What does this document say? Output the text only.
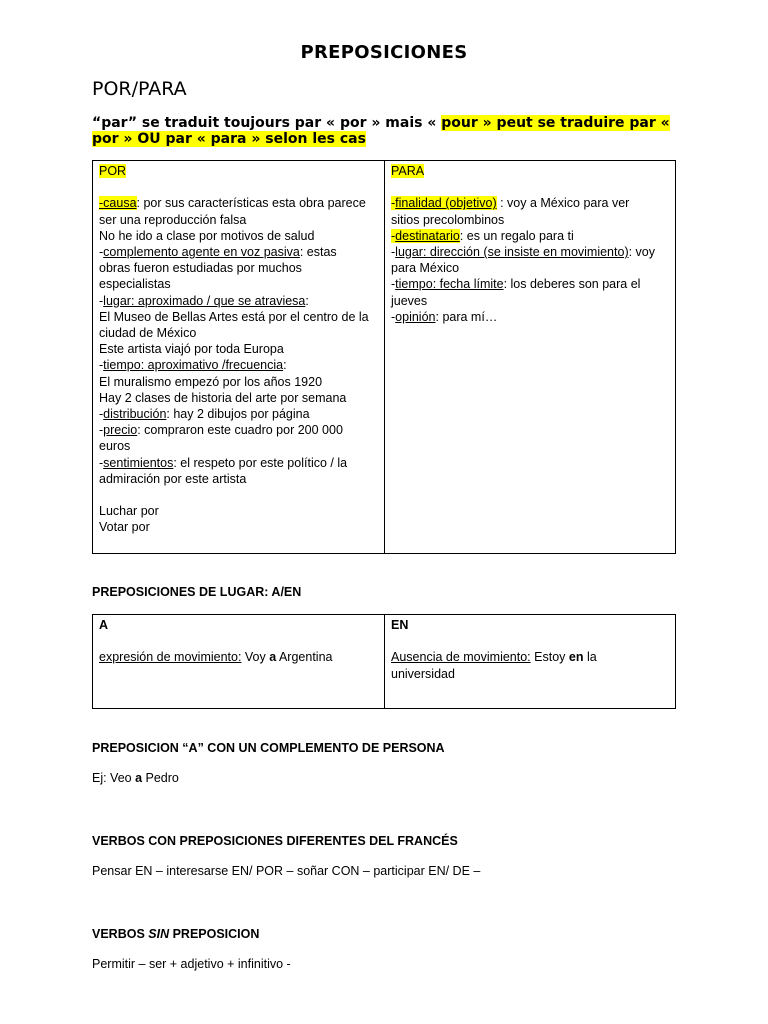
PREPOSICIONES
POR/PARA
“par” se traduit toujours par « por » mais « pour » peut se traduire par « por » OU par « para » selon les cas
POR
-causa: por sus características esta obra parece
ser una reproducción falsa
No he ido a clase por motivos de salud
-complemento agente en voz pasiva: estas
obras fueron estudiadas por muchos
especialistas
-lugar: aproximado / que se atraviesa:
El Museo de Bellas Artes está por el centro de la
ciudad de México
Este artista viajó por toda Europa
-tiempo: aproximativo /frecuencia:
El muralismo empezó por los años 1920
Hay 2 clases de historia del arte por semana
-distribución: hay 2 dibujos por página
-precio: compraron este cuadro por 200 000
euros
-sentimientos: el respeto por este político / la
admiración por este artista
Luchar por
Votar por
PARA
-finalidad (objetivo) : voy a México para ver
sitios precolombinos
-destinatario: es un regalo para ti
-lugar: dirección (se insiste en movimiento): voy
para México
-tiempo: fecha límite: los deberes son para el
jueves
-opinión: para mí…
PREPOSICIONES DE LUGAR: A/EN
A
expresión de movimiento: Voy a Argentina
EN
Ausencia de movimiento: Estoy en la
universidad
PREPOSICION “A” CON UN COMPLEMENTO DE PERSONA
Ej: Veo a Pedro
VERBOS CON PREPOSICIONES DIFERENTES DEL FRANCÉS
Pensar EN – interesarse EN/ POR – soñar CON – participar EN/ DE –
VERBOS SIN PREPOSICION
Permitir – ser + adjetivo + infinitivo -
